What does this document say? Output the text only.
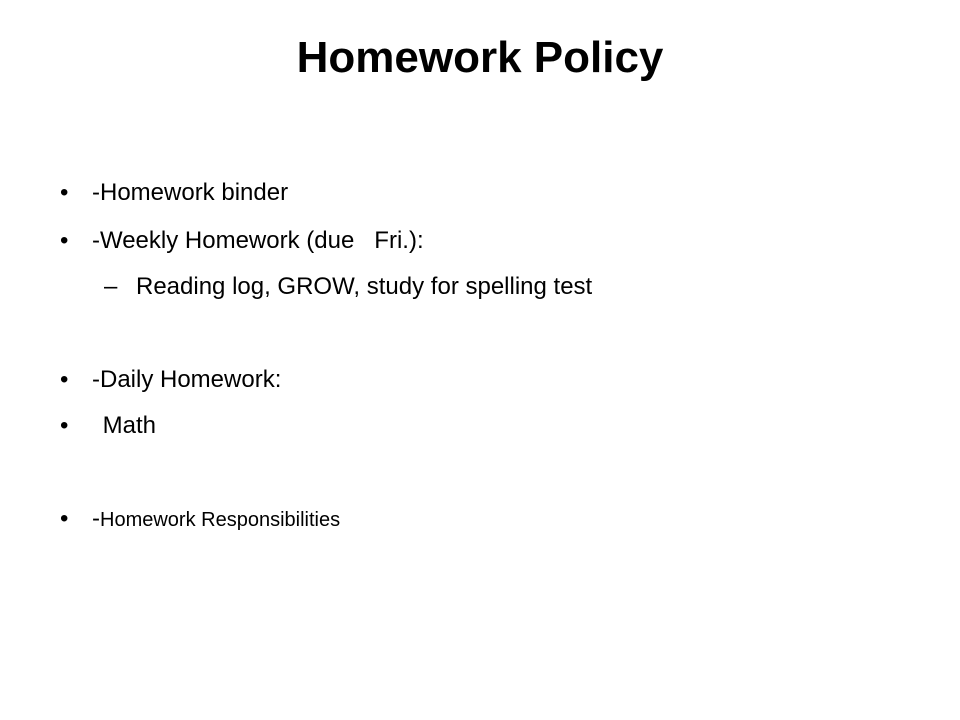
Homework Policy

•

-Homework binder

•

-Weekly Homework (due   Fri.):

–

Reading log, GROW, study for spelling test

•

-Daily Homework:

•

Math

•

-Homework Responsibilities
